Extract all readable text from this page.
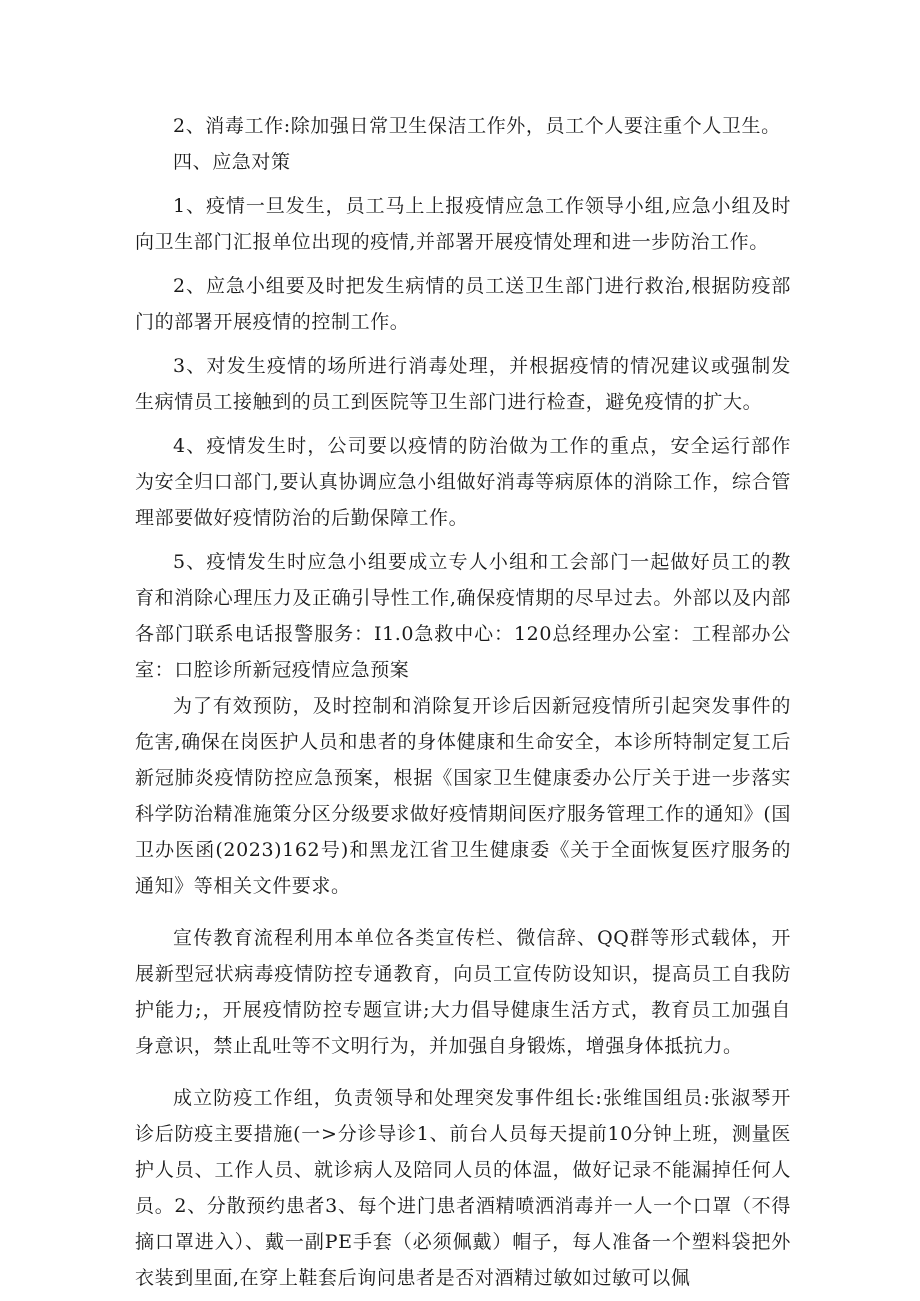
2、消毒工作:除加强日常卫生保洁工作外，员工个人要注重个人卫生。

四、应急对策

1、疫情一旦发生，员工马上上报疫情应急工作领导小组,应急小组及时向卫生部门汇报单位出现的疫情,并部署开展疫情处理和进一步防治工作。

2、应急小组要及时把发生病情的员工送卫生部门进行救治,根据防疫部门的部署开展疫情的控制工作。

3、对发生疫情的场所进行消毒处理，并根据疫情的情况建议或强制发生病情员工接触到的员工到医院等卫生部门进行检查，避免疫情的扩大。

4、疫情发生时，公司要以疫情的防治做为工作的重点，安全运行部作为安全归口部门,要认真协调应急小组做好消毒等病原体的消除工作，综合管理部要做好疫情防治的后勤保障工作。

5、疫情发生时应急小组要成立专人小组和工会部门一起做好员工的教育和消除心理压力及正确引导性工作,确保疫情期的尽早过去。外部以及内部各部门联系电话报警服务：I1.0急救中心：120总经理办公室：工程部办公室：口腔诊所新冠疫情应急预案

为了有效预防，及时控制和消除复开诊后因新冠疫情所引起突发事件的危害,确保在岗医护人员和患者的身体健康和生命安全，本诊所特制定复工后新冠肺炎疫情防控应急预案，根据《国家卫生健康委办公厅关于进一步落实科学防治精准施策分区分级要求做好疫情期间医疗服务管理工作的通知》(国卫办医函(2023)162号)和黑龙江省卫生健康委《关于全面恢复医疗服务的通知》等相关文件要求。

宣传教育流程利用本单位各类宣传栏、微信辞、QQ群等形式载体，开展新型冠状病毒疫情防控专通教育，向员工宣传防设知识，提高员工自我防护能力;，开展疫情防控专题宣讲;大力倡导健康生活方式，教育员工加强自身意识，禁止乱吐等不文明行为，并加强自身锻炼，增强身体抵抗力。

成立防疫工作组，负责领导和处理突发事件组长:张维国组员:张淑琴开诊后防疫主要措施(一>分诊导诊1、前台人员每天提前10分钟上班，测量医护人员、工作人员、就诊病人及陪同人员的体温，做好记录不能漏掉任何人员。2、分散预约患者3、每个进门患者酒精喷洒消毒并一人一个口罩（不得摘口罩进入）、戴一副PE手套（必须佩戴）帽子，每人准备一个塑料袋把外衣装到里面,在穿上鞋套后询问患者是否对酒精过敏如过敏可以佩
